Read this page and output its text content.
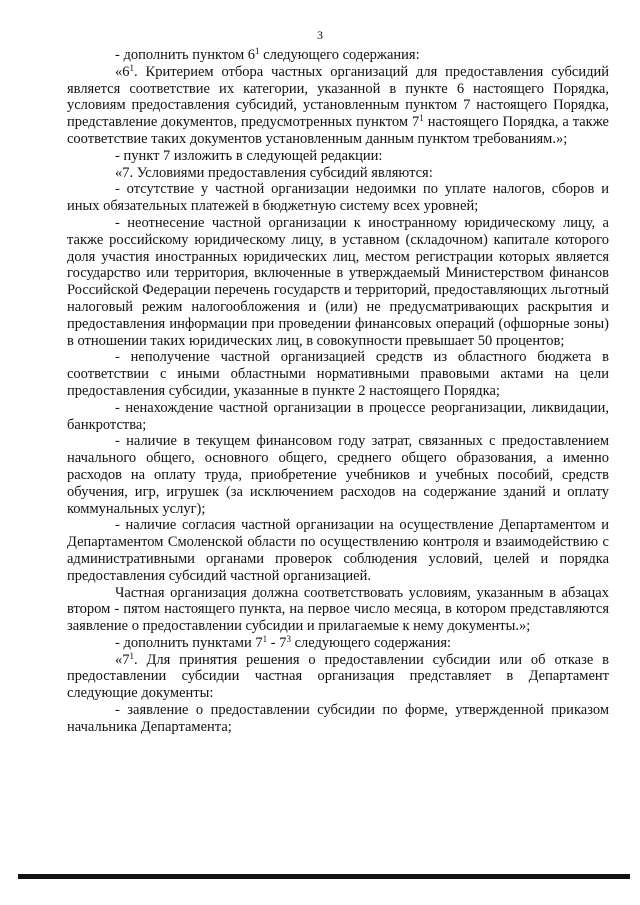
3

- дополнить пунктом $6^1$ следующего содержания:

«$6^1$. Критерием отбора частных организаций для предоставления субсидий является соответствие их категории, указанной в пункте 6 настоящего Порядка, условиям предоставления субсидий, установленным пунктом 7 настоящего Порядка, представление документов, предусмотренных пунктом $7^1$ настоящего Порядка, а также соответствие таких документов установленным данным пунктом требованиям.»;

- пункт 7 изложить в следующей редакции:

«7. Условиями предоставления субсидий являются:

- отсутствие у частной организации недоимки по уплате налогов, сборов и иных обязательных платежей в бюджетную систему всех уровней;

- неотнесение частной организации к иностранному юридическому лицу, а также российскому юридическому лицу, в уставном (складочном) капитале которого доля участия иностранных юридических лиц, местом регистрации которых является государство или территория, включенные в утверждаемый Министерством финансов Российской Федерации перечень государств и территорий, предоставляющих льготный налоговый режим налогообложения и (или) не предусматривающих раскрытия и предоставления информации при проведении финансовых операций (офшорные зоны) в отношении таких юридических лиц, в совокупности превышает 50 процентов;

- неполучение частной организацией средств из областного бюджета в соответствии с иными областными нормативными правовыми актами на цели предоставления субсидии, указанные в пункте 2 настоящего Порядка;

- ненахождение частной организации в процессе реорганизации, ликвидации, банкротства;

- наличие в текущем финансовом году затрат, связанных с предоставлением начального общего, основного общего, среднего общего образования, а именно расходов на оплату труда, приобретение учебников и учебных пособий, средств обучения, игр, игрушек (за исключением расходов на содержание зданий и оплату коммунальных услуг);

- наличие согласия частной организации на осуществление Департаментом и Департаментом Смоленской области по осуществлению контроля и взаимодействию с административными органами проверок соблюдения условий, целей и порядка предоставления субсидий частной организацией.

Частная организация должна соответствовать условиям, указанным в абзацах втором - пятом настоящего пункта, на первое число месяца, в котором представляются заявление о предоставлении субсидии и прилагаемые к нему документы.»;

- дополнить пунктами $7^1 - 7^3$ следующего содержания:

«$7^1$. Для принятия решения о предоставлении субсидии или об отказе в предоставлении субсидии частная организация представляет в Департамент следующие документы:

- заявление о предоставлении субсидии по форме, утвержденной приказом начальника Департамента;
